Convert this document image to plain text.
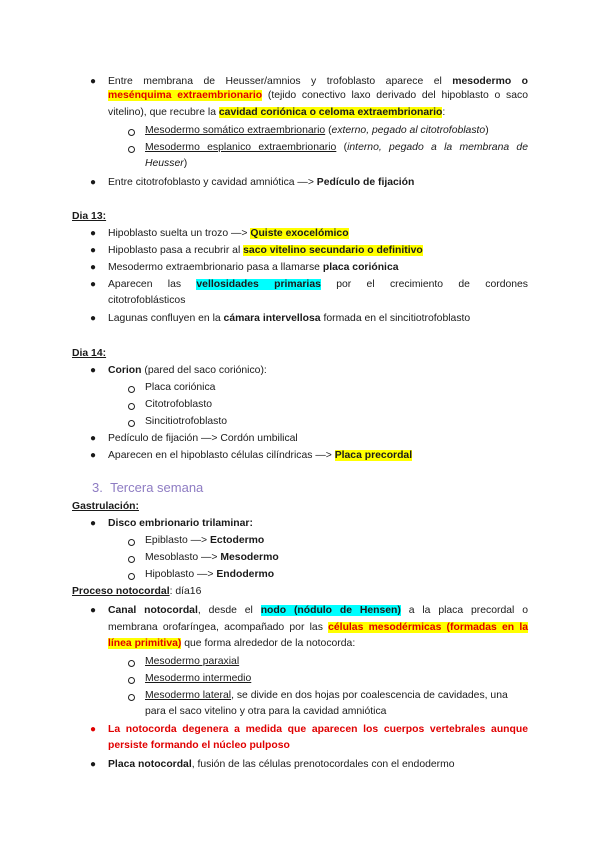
● Entre membrana de Heusser/amnios y trofoblasto aparece el mesodermo o
mesénquima extraembrionario (tejido conectivo laxo derivado del hipoblasto o saco
vitelino), que recubre la cavidad coriónica o celoma extraembrionario:
Mesodermo somático extraembrionario (externo, pegado al citotrofoblasto)
Mesodermo esplanico extraembrionario (interno, pegado a la membrana de
Heusser)
● Entre citotrofoblasto y cavidad amniótica —> Pedículo de fijación
Dia 13:
● Hipoblasto suelta un trozo —> Quiste exocelómico
● Hipoblasto pasa a recubrir al saco vitelino secundario o definitivo
● Mesodermo extraembrionario pasa a llamarse placa coriónica
● Aparecen las vellosidades primarias por el crecimiento de cordones
citotrofoblásticos
● Lagunas confluyen en la cámara intervellosa formada en el sincitiotrofoblasto
Dia 14:
● Corion (pared del saco coriónico):
Placa coriónica
Citotrofoblasto
Sincitiotrofoblasto
● Pedículo de fijación —> Cordón umbilical
● Aparecen en el hipoblasto células cilíndricas —> Placa precordal
3. Tercera semana
Gastrulación:
● Disco embrionario trilaminar:
Epiblasto —> Ectodermo
Mesoblasto —> Mesodermo
Hipoblasto —> Endodermo
Proceso notocordal: día16
● Canal notocordal, desde el nodo (nódulo de Hensen) a la placa precordal o
membrana orofaríngea, acompañado por las células mesodérmicas (formadas en la
línea primitiva) que forma alrededor de la notocorda:
Mesodermo paraxial
Mesodermo intermedio
Mesodermo lateral, se divide en dos hojas por coalescencia de cavidades, una
para el saco vitelino y otra para la cavidad amniótica
● La notocorda degenera a medida que aparecen los cuerpos vertebrales aunque
persiste formando el núcleo pulposo
● Placa notocordal, fusión de las células prenotocordales con el endodermo
